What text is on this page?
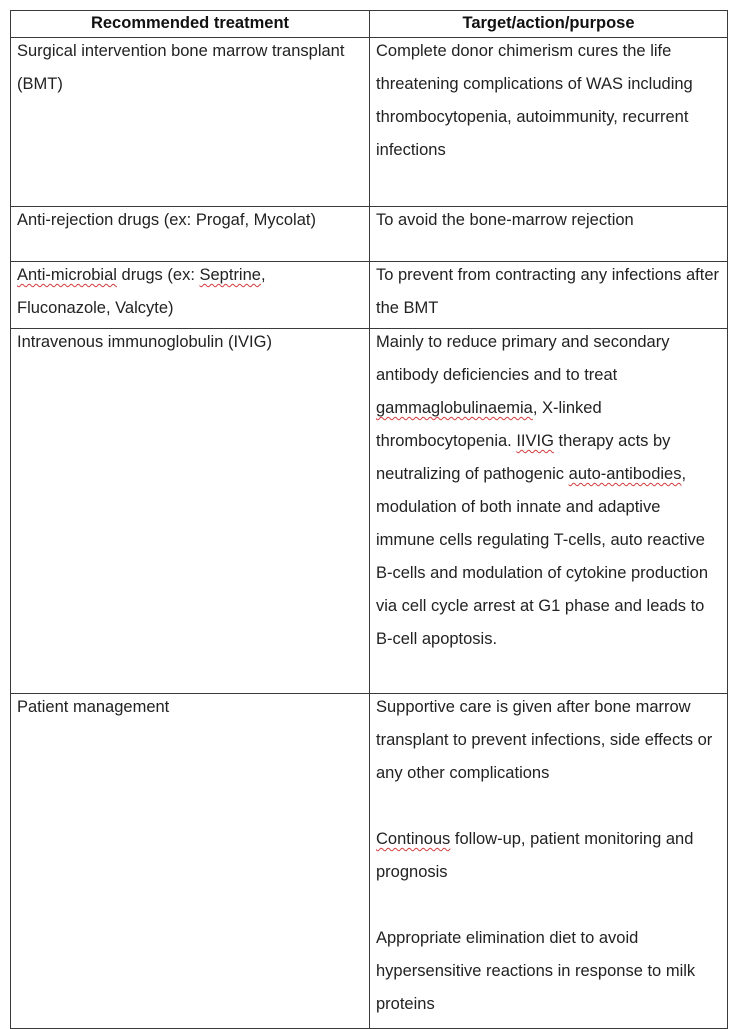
Recommended treatment	Target/action/purpose

Surgical intervention bone marrow transplant (BMT)	Complete donor chimerism cures the life threatening complications of WAS including thrombocytopenia, autoimmunity, recurrent infections

Anti-rejection drugs (ex: Progaf, Mycolat)	To avoid the bone-marrow rejection

Anti-microbial drugs (ex: Septrine, Fluconazole, Valcyte)	To prevent from contracting any infections after the BMT

Intravenous immunoglobulin (IVIG)	Mainly to reduce primary and secondary antibody deficiencies and to treat gammaglobulinaemia, X-linked thrombocytopenia. IIVIG therapy acts by neutralizing of pathogenic auto-antibodies, modulation of both innate and adaptive immune cells regulating T-cells, auto reactive B-cells and modulation of cytokine production via cell cycle arrest at G1 phase and leads to B-cell apoptosis.

Patient management	Supportive care is given after bone marrow transplant to prevent infections, side effects or any other complications
Continous follow-up, patient monitoring and prognosis
Appropriate elimination diet to avoid hypersensitive reactions in response to milk proteins
